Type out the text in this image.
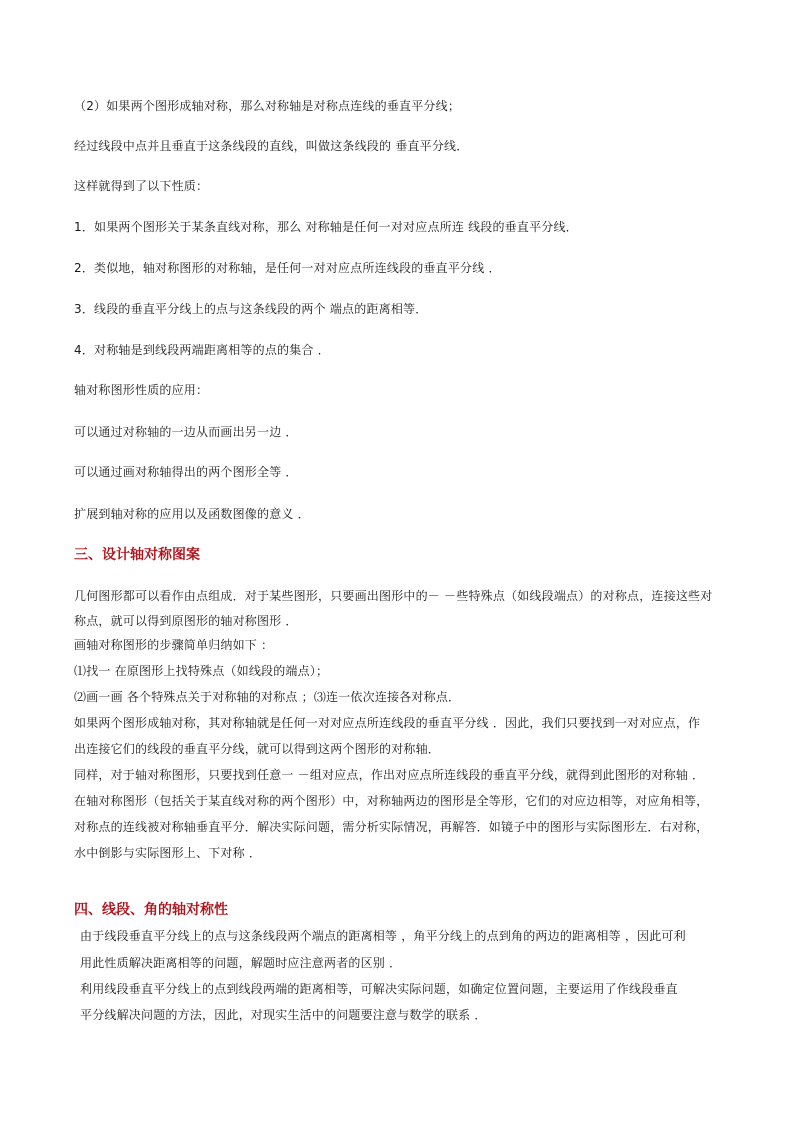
（2）如果两个图形成轴对称，那么对称轴是对称点连线的垂直平分线；
经过线段中点并且垂直于这条线段的直线，叫做这条线段的 垂直平分线．
这样就得到了以下性质：
1．如果两个图形关于某条直线对称，那么 对称轴是任何一对对应点所连 线段的垂直平分线．
2．类似地，轴对称图形的对称轴，是任何一对对应点所连线段的垂直平分线 ．
3．线段的垂直平分线上的点与这条线段的两个 端点的距离相等．
4．对称轴是到线段两端距离相等的点的集合 ．
轴对称图形性质的应用：
可以通过对称轴的一边从而画出另一边 ．
可以通过画对称轴得出的两个图形全等 ．
扩展到轴对称的应用以及函数图像的意义 ．
三、设计轴对称图案
几何图形都可以看作由点组成．对于某些图形，只要画出图形中的－ －些特殊点（如线段端点）的对称点，连接这些对
称点，就可以得到原图形的轴对称图形 ．
画轴对称图形的步骤简单归纳如下 ：
⑴找一 在原图形上找特殊点（如线段的端点）；
⑵画一画 各个特殊点关于对称轴的对称点 ；⑶连一依次连接各对称点．
如果两个图形成轴对称，其对称轴就是任何一对对应点所连线段的垂直平分线 ．因此，我们只要找到一对对应点，作
出连接它们的线段的垂直平分线，就可以得到这两个图形的对称轴．
同样，对于轴对称图形，只要找到任意一 －组对应点，作出对应点所连线段的垂直平分线，就得到此图形的对称轴 ．
在轴对称图形（包括关于某直线对称的两个图形）中，对称轴两边的图形是全等形，它们的对应边相等，对应角相等，
对称点的连线被对称轴垂直平分．解决实际问题，需分析实际情况，再解答．如镜子中的图形与实际图形左．右对称，
水中倒影与实际图形上、下对称 ．
四、线段、角的轴对称性
由于线段垂直平分线上的点与这条线段两个端点的距离相等 ，角平分线上的点到角的两边的距离相等 ，因此可利
用此性质解决距离相等的问题，解题时应注意两者的区别 ．
利用线段垂直平分线上的点到线段两端的距离相等，可解决实际问题，如确定位置问题，主要运用了作线段垂直
平分线解决问题的方法，因此，对现实生活中的问题要注意与数学的联系 ．
